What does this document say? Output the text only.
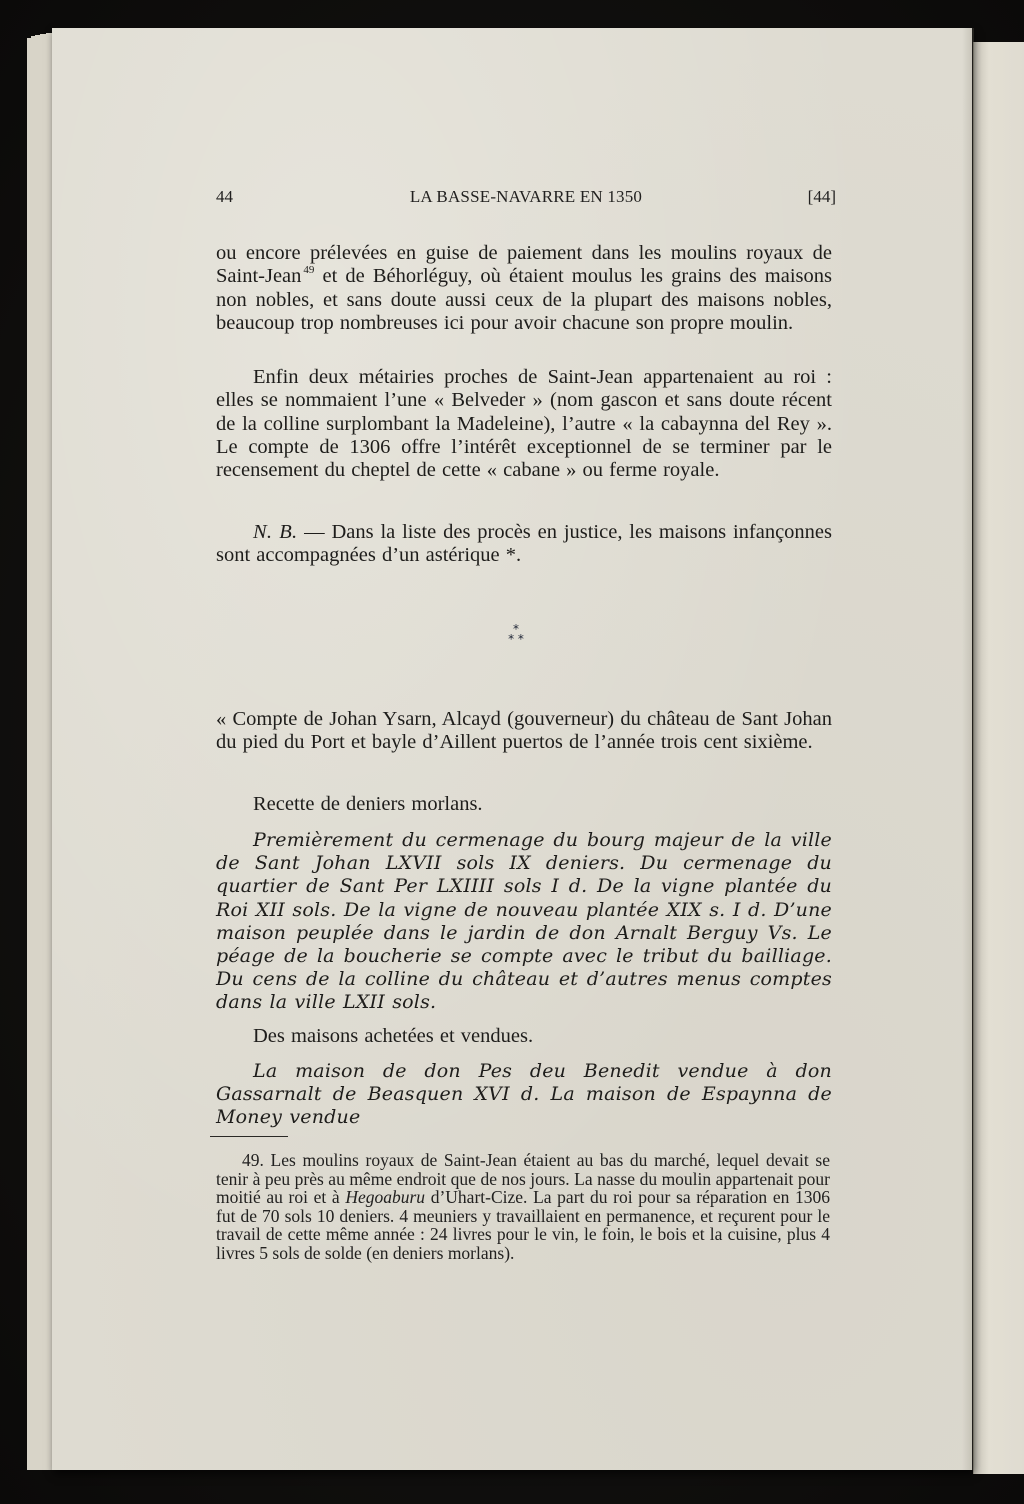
44	LA BASSE-NAVARRE EN 1350	[44]

ou encore prélevées en guise de paiement dans les moulins royaux de Saint-Jean $^{49}$ et de Béhorléguy, où étaient moulus les grains des maisons non nobles, et sans doute aussi ceux de la plupart des maisons nobles, beaucoup trop nombreuses ici pour avoir chacune son propre moulin.

Enfin deux métairies proches de Saint-Jean appartenaient au roi : elles se nommaient l’une « Belveder » (nom gascon et sans doute récent de la colline surplombant la Madeleine), l’autre « la cabaynna del Rey ». Le compte de 1306 offre l’intérêt exceptionnel de se terminer par le recensement du cheptel de cette « cabane » ou ferme royale.

N. B. — Dans la liste des procès en justice, les maisons infançonnes sont accompagnées d’un astérique *.

*
* *

« Compte de Johan Ysarn, Alcayd (gouverneur) du château de Sant Johan du pied du Port et bayle d’Aillent puertos de l’année trois cent sixième.

Recette de deniers morlans.

Premièrement du cermenage du bourg majeur de la ville de Sant Johan LXVII sols IX deniers. Du cermenage du quartier de Sant Per LXIIII sols I d. De la vigne plantée du Roi XII sols. De la vigne de nouveau plantée XIX s. I d. D’une maison peuplée dans le jardin de don Arnalt Berguy Vs. Le péage de la boucherie se compte avec le tribut du bailliage. Du cens de la colline du château et d’autres menus comptes dans la ville LXII sols.

Des maisons achetées et vendues.

La maison de don Pes deu Benedit vendue à don Gassarnalt de Beasquen XVI d. La maison de Espaynna de Money vendue

49. Les moulins royaux de Saint-Jean étaient au bas du marché, lequel devait se tenir à peu près au même endroit que de nos jours. La nasse du moulin appartenait pour moitié au roi et à Hegoaburu d’Uhart-Cize. La part du roi pour sa réparation en 1306 fut de 70 sols 10 deniers. 4 meuniers y travaillaient en permanence, et reçurent pour le travail de cette même année : 24 livres pour le vin, le foin, le bois et la cuisine, plus 4 livres 5 sols de solde (en deniers morlans).
